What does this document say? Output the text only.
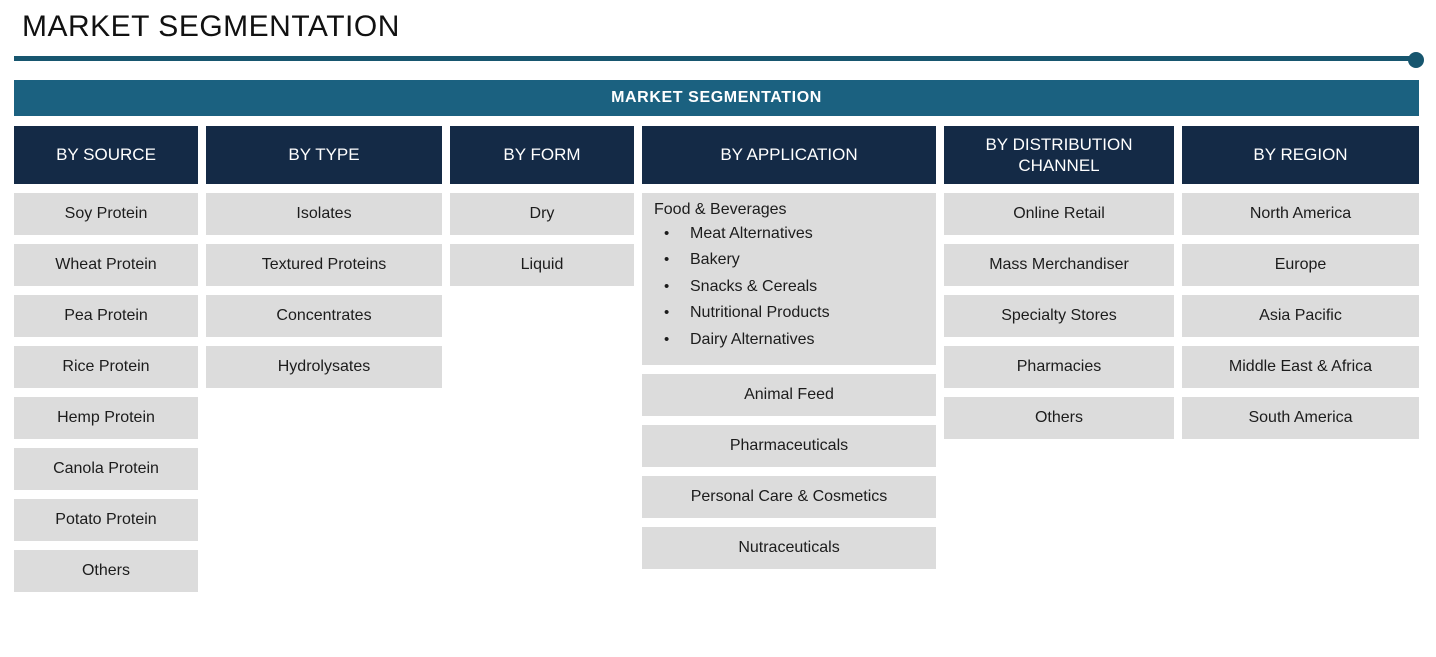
MARKET SEGMENTATION
MARKET SEGMENTATION
BY SOURCE
Soy Protein
Wheat Protein
Pea Protein
Rice Protein
Hemp Protein
Canola Protein
Potato Protein
Others
BY TYPE
Isolates
Textured Proteins
Concentrates
Hydrolysates
BY FORM
Dry
Liquid
BY APPLICATION
Food & Beverages
• Meat Alternatives
• Bakery
• Snacks & Cereals
• Nutritional Products
• Dairy Alternatives
Animal Feed
Pharmaceuticals
Personal Care & Cosmetics
Nutraceuticals
BY DISTRIBUTION CHANNEL
Online Retail
Mass Merchandiser
Specialty Stores
Pharmacies
Others
BY REGION
North America
Europe
Asia Pacific
Middle East & Africa
South America
